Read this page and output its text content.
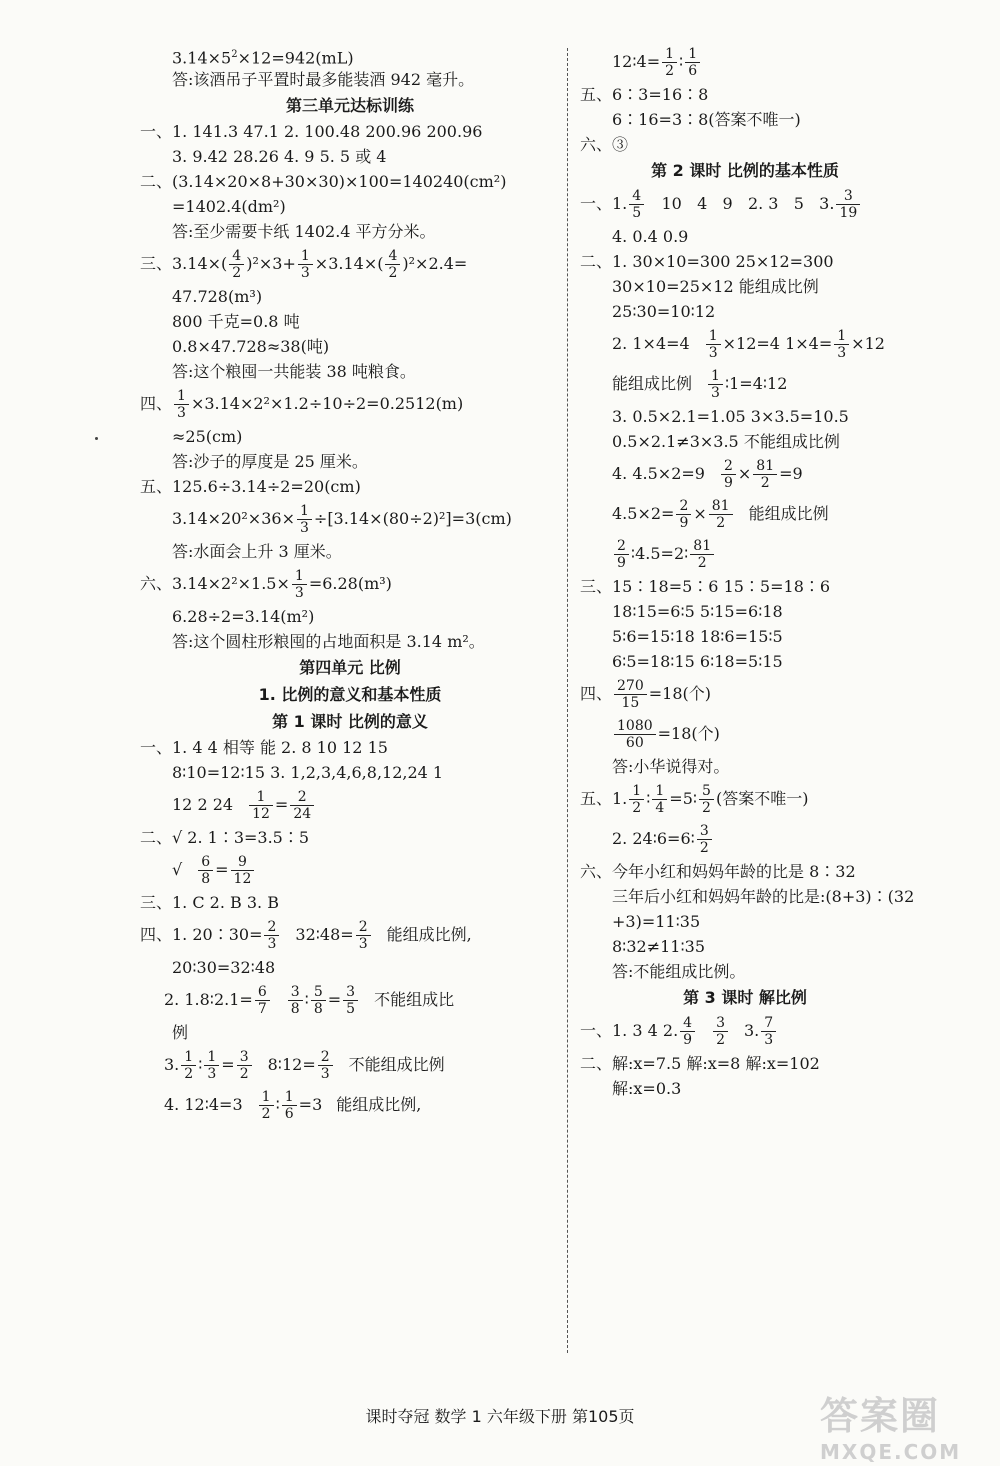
$3.14\times 5^2\times 12=942(mL)$
答:该酒吊子平置时最多能装酒 942 毫升。
第三单元达标训练
一、1. 141.3 47.1 2. 100.48 200.96 200.96
3. 9.42 28.26 4. 9 5. 5 或 4
二、(3.14×20×8+30×30)×100=140240(cm²)
=1402.4(dm²)
答:至少需要卡纸 1402.4 平方分米。
三、$3.14\times( \frac{4}{2} )^2\times 3+ \frac{1}{3} \times 3.14\times( \frac{4}{2} )^2\times 2.4=$
47.728(m³)
800 千克=0.8 吨
0.8×47.728≈38(吨)
答:这个粮囤一共能装 38 吨粮食。
四、 $\frac{1}{3} \times 3.14\times 2^2\times 1.2\div 10\div 2=0.2512(m)$
≈25(cm)
答:沙子的厚度是 25 厘米。
五、125.6÷3.14÷2=20(cm)
$3.14\times 20^2\times 36\times \frac{1}{3} \div[3.14\times(80\div 2)^2]=3(cm)$
答:水面会上升 3 厘米。
六、$3.14\times 2^2\times 1.5\times \frac{1}{3} =6.28(m^3)$
6.28÷2=3.14(m²)
答:这个圆柱形粮囤的占地面积是 3.14 m²。
第四单元 比例
1. 比例的意义和基本性质
第 1 课时 比例的意义
一、1. 4 4 相等 能 2. 8 10 12 15
8∶10=12∶15 3. 1,2,3,4,6,8,12,24 1
12 2 $24 \frac{1}{12} = \frac{2}{24}$
二、√ 2. 1∶3=3.5∶5
√ $\frac{6}{8} = \frac{9}{12}$
三、1. C 2. B 3. B
四、1. 20∶30= $\frac{2}{3}$ 32∶48= $\frac{2}{3}$ 能组成比例,
20∶30=32∶48
2. 1.8∶2.1= $\frac{6}{7} \frac{3}{8}$ ∶ $\frac{5}{8} = \frac{3}{5}$ 不能组成比
例
3. $\frac{1}{2}$ ∶ $\frac{1}{3} = \frac{3}{2}$ 8∶12= $\frac{2}{3}$ 不能组成比例
4. 12∶4=3 $\frac{1}{2}$ ∶ $\frac{1}{6} =3$ 能组成比例,
12∶4= $\frac{1}{2}$ ∶ $\frac{1}{6}$
五、6∶3=16∶8
6∶16=3∶8(答案不唯一)
六、③
第 2 课时 比例的基本性质
一、1. $\frac{4}{5} 10$   4   9   2. 3   5   3. $\frac{3}{19}$
4. 0.4 0.9
二、1. 30×10=300 25×12=300
30×10=25×12 能组成比例
25∶30=10∶12
2. $1\times 4=4 \frac{1}{3} \times 12=4$ $1\times 4= \frac{1}{3} \times 12$
能组成比例 $\frac{1}{3}$ ∶1=4∶12
3. 0.5×2.1=1.05 3×3.5=10.5
0.5×2.1≠3×3.5 不能组成比例
4. $4.5\times 2=9 \frac{2}{9} \times \frac{81}{2} =9$
$4.5\times 2= \frac{2}{9} \times \frac{81}{2}$ 能组成比例
$\frac{2}{9}$ ∶4.5=2∶ $\frac{81}{2}$
三、15∶18=5∶6 15∶5=18∶6
18∶15=6∶5 5∶15=6∶18
5∶6=15∶18 18∶6=15∶5
6∶5=18∶15 6∶18=5∶15
四、 $\frac{270}{15} =18$(个)
$\frac{1080}{60} =18$(个)
答:小华说得对。
五、1. $\frac{1}{2}$ ∶ $\frac{1}{4}$ =5∶ $\frac{5}{2}$ (答案不唯一)
2. 24∶6=6∶ $\frac{3}{2}$
六、今年小红和妈妈年龄的比是 8∶32
三年后小红和妈妈年龄的比是:(8+3)∶(32
+3)=11∶35
8∶32≠11∶35
答:不能组成比例。
第 3 课时 解比例
一、1. 3 4 2. $\frac{4}{9} \frac{3}{2} 3$. $\frac{7}{3}$
二、解:x=7.5 解:x=8 解:x=102
解:x=0.3
课时夺冠 数学 1 六年级下册 第105页	答案圈
MXQE.COM
